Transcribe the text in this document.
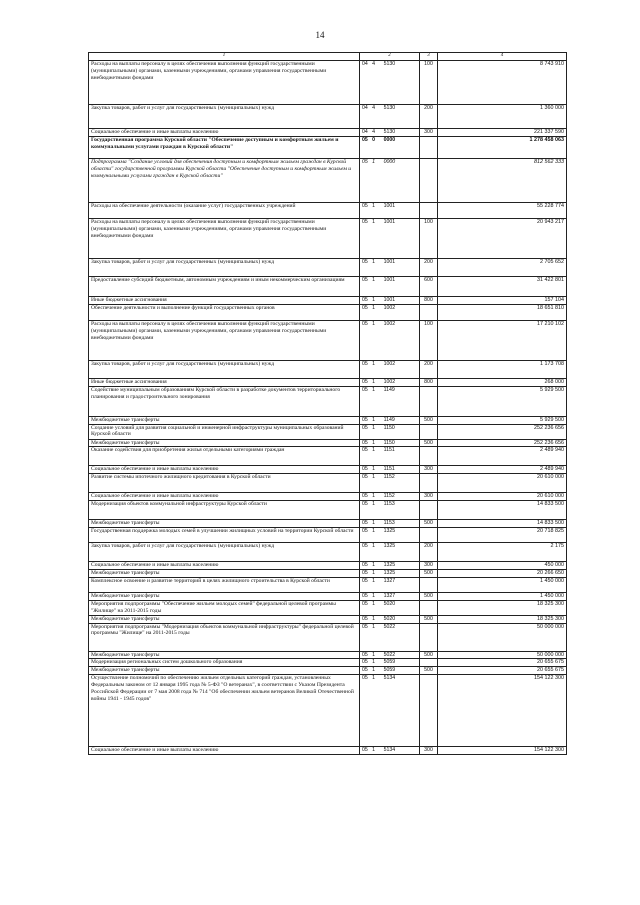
14
1	2	3	4
Расходы на выплаты персоналу в целях обеспечения выполнения функций государственными (муниципальными) органами, казенными учреждениями, органами управления государственными внебюджетными фондами	04   4      5130	100	8 743 910
Закупка товаров, работ и услуг для государственных (муниципальных) нужд	04   4      5130	200	1 360 000
Социальное обеспечение и иные выплаты населению	04   4      5130	300	221 337 590
Государственная программа Курской области "Обеспечение доступным и комфортным жильем и коммунальными услугами граждан в Курской области"	05   0      0000		1 278 458 063
Подпрограмма "Создание условий для обеспечения доступным и комфортным жильем граждан в Курской области" государственной программы Курской области "Обеспечение доступным и комфортным жильем и коммунальными услугами граждан в Курской области"	05   1      0000		812 562 333
Расходы на обеспечение деятельности (оказание услуг) государственных учреждений	05   1      1001		55 228 774
Расходы на выплаты персоналу в целях обеспечения выполнения функций государственными (муниципальными) органами, казенными учреждениями, органами управления государственными внебюджетными фондами	05   1      1001	100	20 943 217
Закупка товаров, работ и услуг для государственных (муниципальных) нужд	05   1      1001	200	2 705 652
Предоставление субсидий бюджетным, автономным учреждениям и иным некоммерческим организациям	05   1      1001	600	31 422 801
Иные бюджетные ассигнования	05   1      1001	800	157 104
Обеспечение деятельности и выполнение функций государственных органов	05   1      1002		18 651 810
Расходы на выплаты персоналу в целях обеспечения выполнения функций государственными (муниципальными) органами, казенными учреждениями, органами управления государственными внебюджетными фондами	05   1      1002	100	17 210 102
Закупка товаров, работ и услуг для государственных (муниципальных) нужд	05   1      1002	200	1 173 708
Иные бюджетные ассигнования	05   1      1002	800	268 000
Содействие муниципальным образованиям Курской области в разработке документов территориального планирования и градостроительного зонирования	05   1      1149		5 929 500
Межбюджетные трансферты	05   1      1149	500	5 929 500
Создание условий для развития социальной и инженерной инфраструктуры муниципальных образований Курской области	05   1      1150		252 236 656
Межбюджетные трансферты	05   1      1150	500	252 236 656
Оказание содействия для приобретения жилья отдельными категориями граждан	05   1      1151		2 489 940
Социальное обеспечение и иные выплаты населению	05   1      1151	300	2 489 940
Развитие системы ипотечного жилищного кредитования в Курской области	05   1      1152		20 610 000
Социальное обеспечение и иные выплаты населению	05   1      1152	300	20 610 000
Модернизация объектов коммунальной инфраструктуры Курской области	05   1      1153		14 833 500
Межбюджетные трансферты	05   1      1153	500	14 833 500
Государственная поддержка молодых семей в улучшении жилищных условий на территории Курской области	05   1      1325		20 718 825
Закупка товаров, работ и услуг для государственных (муниципальных) нужд	05   1      1325	200	2 175
Социальное обеспечение и иные выплаты населению	05   1      1325	300	450 000
Межбюджетные трансферты	05   1      1325	500	20 266 650
Комплексное освоение и развитие территорий в целях жилищного строительства в Курской области	05   1      1327		1 450 000
Межбюджетные трансферты	05   1      1327	500	1 450 000
Мероприятия подпрограммы "Обеспечение жильем молодых семей" федеральной целевой программы "Жилище" на 2011-2015 годы	05   1      5020		18 325 300
Межбюджетные трансферты	05   1      5020	500	18 325 300
Мероприятия подпрограммы "Модернизация объектов коммунальной инфраструктуры" федеральной целевой программы "Жилище" на 2011-2015 годы	05   1      5022		50 000 000
Межбюджетные трансферты	05   1      5022	500	50 000 000
Модернизация региональных систем дошкольного образования	05   1      5059		20 655 675
Межбюджетные трансферты	05   1      5059	500	20 655 675
Осуществление полномочий по обеспечению жильем отдельных категорий граждан, установленных Федеральным законом от 12 января 1995 года № 5-ФЗ "О ветеранах", в соответствии с Указом Президента Российской Федерации от 7 мая 2008 года № 714 "Об обеспечении жильем ветеранов Великой Отечественной войны 1941 - 1945 годов"	05   1      5134		154 122 300
Социальное обеспечение и иные выплаты населению	05   1      5134	300	154 122 300
